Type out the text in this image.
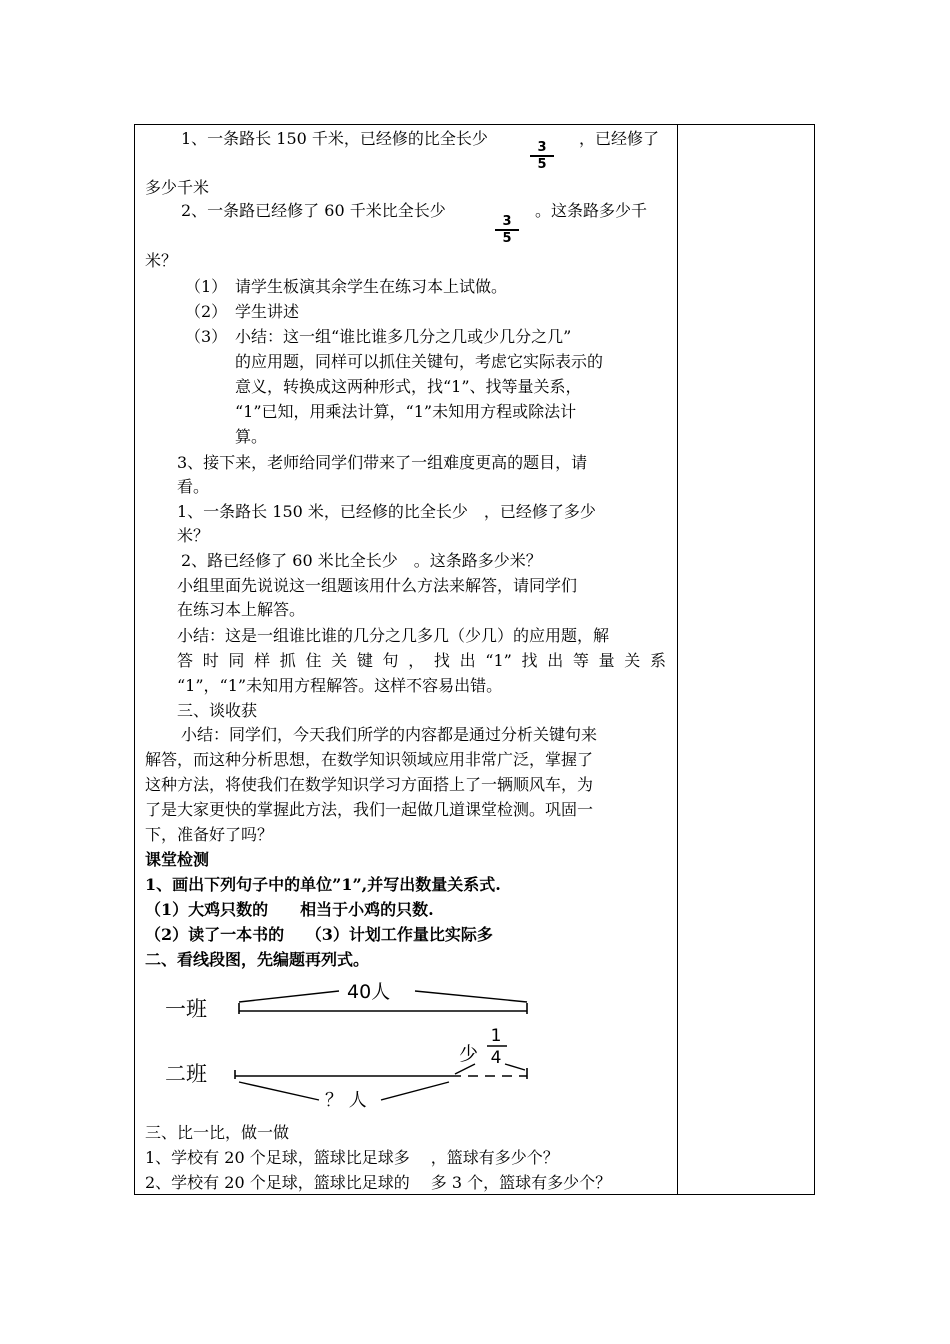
1、一条路长 150 千米，已经修的比全长少	3
5
，已经修了
多少千米
2、一条路已经修了 60 千米比全长少
3
5
。这条路多少千
米？
（1） 请学生板演其余学生在练习本上试做。
（2） 学生讲述
（3） 小结：这一组“谁比谁多几分之几或少几分之几”
的应用题，同样可以抓住关键句，考虑它实际表示的
意义，转换成这两种形式，找“1”、找等量关系，
“1”已知，用乘法计算，“1”未知用方程或除法计
算。
3、接下来，老师给同学们带来了一组难度更高的题目，请
看。
1、一条路长 150 米，已经修的比全长少　，已经修了多少
米？
2、路已经修了 60 米比全长少　。这条路多少米？
小组里面先说说这一组题该用什么方法来解答，请同学们
在练习本上解答。
小结：这是一组谁比谁的几分之几多几（少几）的应用题，解
答时同样抓住关键句，找出“1”找出等量关系
“1”，“1”未知用方程解答。这样不容易出错。
三、谈收获
小结：同学们，今天我们所学的内容都是通过分析关键句来
解答，而这种分析思想，在数学知识领域应用非常广泛，掌握了
这种方法，将使我们在数学知识学习方面搭上了一辆顺风车，为
了是大家更快的掌握此方法，我们一起做几道课堂检测。巩固一
下，准备好了吗？
课堂检测
1、画出下列句子中的单位”1”,并写出数量关系式.
（1）大鸡只数的　　相当于小鸡的只数.
（2）读了一本书的　 （3）计划工作量比实际多
二、看线段图，先编题再列式。
一班
40人
二班
少
1
4
？ 人
三、比一比，做一做
1、学校有 20 个足球，篮球比足球多　 ，篮球有多少个？
2、学校有 20 个足球，篮球比足球的　 多 3 个，篮球有多少个？
